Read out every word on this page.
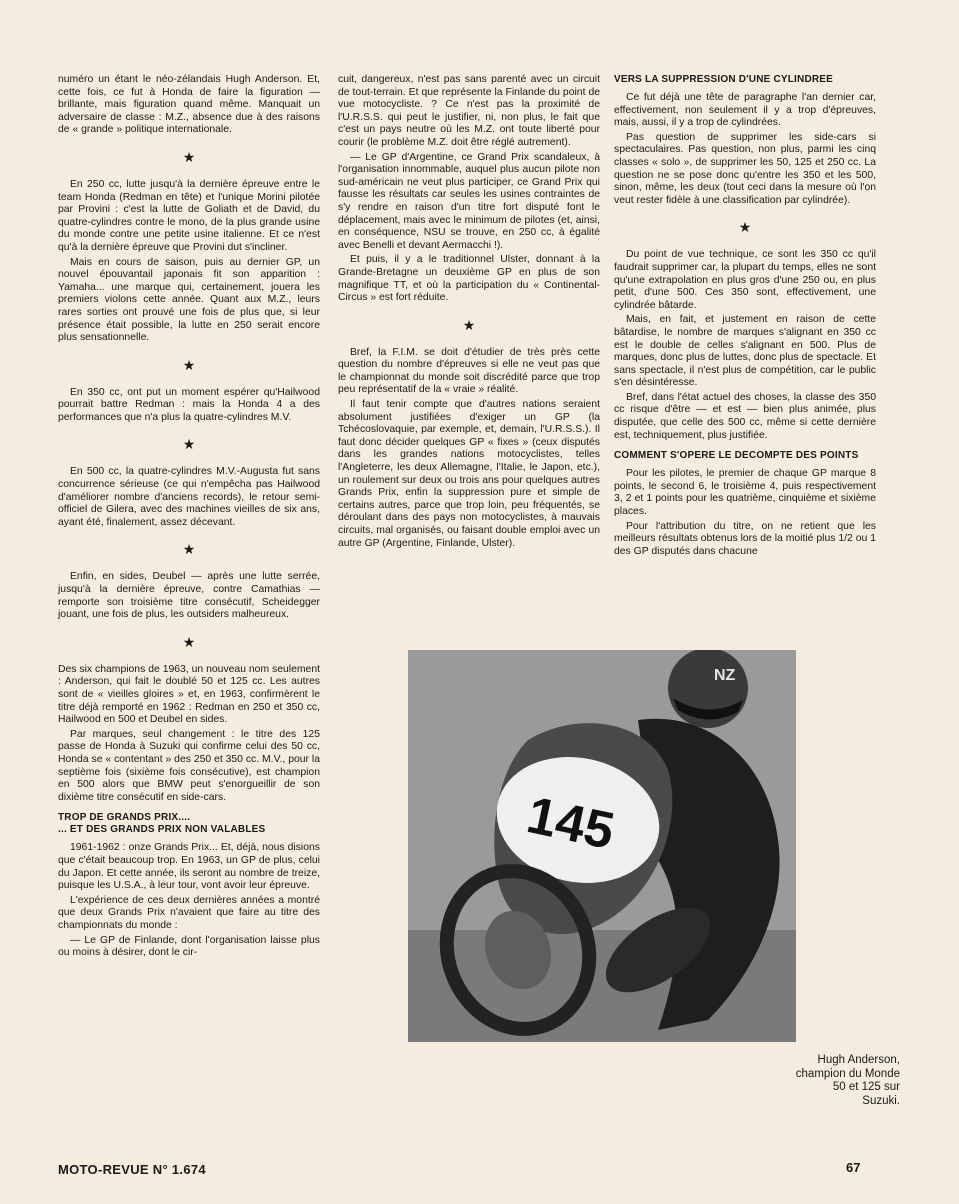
numéro un étant le néo-zélandais Hugh Anderson. Et, cette fois, ce fut à Honda de faire la figuration — brillante, mais figuration quand même. Manquait un adversaire de classe : M.Z., absence due à des raisons de « grande » politique internationale.

★

En 250 cc, lutte jusqu'à la dernière épreuve entre le team Honda (Redman en tête) et l'unique Morini pilotée par Provini : c'est la lutte de Goliath et de David, du quatre-cylindres contre le mono, de la plus grande usine du monde contre une petite usine italienne. Et ce n'est qu'à la dernière épreuve que Provini dut s'incliner.

Mais en cours de saison, puis au dernier GP, un nouvel épouvantail japonais fit son apparition : Yamaha... une marque qui, certainement, jouera les premiers violons cette année. Quant aux M.Z., leurs rares sorties ont prouvé une fois de plus que, si leur présence était possible, la lutte en 250 serait encore plus sensationnelle.

★

En 350 cc, ont put un moment espérer qu'Hailwood pourrait battre Redman : mais la Honda 4 a des performances que n'a plus la quatre-cylindres M.V.

★

En 500 cc, la quatre-cylindres M.V.-Augusta fut sans concurrence sérieuse (ce qui n'empêcha pas Hailwood d'améliorer nombre d'anciens records), le retour semi-officiel de Gilera, avec des machines vieilles de six ans, ayant été, finalement, assez décevant.

★

Enfin, en sides, Deubel — après une lutte serrée, jusqu'à la dernière épreuve, contre Camathias — remporte son troisième titre consécutif, Scheidegger jouant, une fois de plus, les outsiders malheureux.

★

Des six champions de 1963, un nouveau nom seulement : Anderson, qui fait le doublé 50 et 125 cc. Les autres sont de « vieilles gloires » et, en 1963, confirmèrent le titre déjà remporté en 1962 : Redman en 250 et 350 cc, Hailwood en 500 et Deubel en sides.

Par marques, seul changement : le titre des 125 passe de Honda à Suzuki qui confirme celui des 50 cc, Honda se « contentant » des 250 et 350 cc. M.V., pour la septième fois (sixième fois consécutive), est champion en 500 alors que BMW peut s'enorgueillir de son dixième titre consécutif en side-cars.

TROP DE GRANDS PRIX....
... ET DES GRANDS PRIX NON VALABLES

1961-1962 : onze Grands Prix... Et, déjà, nous disions que c'était beaucoup trop. En 1963, un GP de plus, celui du Japon. Et cette année, ils seront au nombre de treize, puisque les U.S.A., à leur tour, vont avoir leur épreuve.

L'expérience de ces deux dernières années a montré que deux Grands Prix n'avaient que faire au titre des championnats du monde :

— Le GP de Finlande, dont l'organisation laisse plus ou moins à désirer, dont le cir-

cuit, dangereux, n'est pas sans parenté avec un circuit de tout-terrain. Et que représente la Finlande du point de vue motocycliste. ? Ce n'est pas la proximité de l'U.R.S.S. qui peut le justifier, ni, non plus, le fait que c'est un pays neutre où les M.Z. ont toute liberté pour courir (le problème M.Z. doit être réglé autrement).

— Le GP d'Argentine, ce Grand Prix scandaleux, à l'organisation innommable, auquel plus aucun pilote non sud-américain ne veut plus participer, ce Grand Prix qui fausse les résultats car seules les usines contraintes de s'y rendre en raison d'un titre fort disputé font le déplacement, mais avec le minimum de pilotes (et, ainsi, en conséquence, NSU se trouve, en 250 cc, à égalité avec Benelli et devant Aermacchi !).

Et puis, il y a le traditionnel Ulster, donnant à la Grande-Bretagne un deuxième GP en plus de son magnifique TT, et où la participation du « Continental-Circus » est fort réduite.

★

Bref, la F.I.M. se doit d'étudier de très près cette question du nombre d'épreuves si elle ne veut pas que le championnat du monde soit discrédité parce que trop peu représentatif de la « vraie » réalité.

Il faut tenir compte que d'autres nations seraient absolument justifiées d'exiger un GP (la Tchécoslovaquie, par exemple, et, demain, l'U.R.S.S.). Il faut donc décider quelques GP « fixes » (ceux disputés dans les grandes nations motocyclistes, telles l'Angleterre, les deux Allemagne, l'Italie, le Japon, etc.), un roulement sur deux ou trois ans pour quelques autres Grands Prix, enfin la suppression pure et simple de certains autres, parce que trop loin, peu fréquentés, se déroulant dans des pays non motocyclistes, à mauvais circuits, mal organisés, ou faisant double emploi avec un autre GP (Argentine, Finlande, Ulster).

VERS LA SUPPRESSION D'UNE CYLINDREE

Ce fut déjà une tête de paragraphe l'an dernier car, effectivement, non seulement il y a trop d'épreuves, mais, aussi, il y a trop de cylindrées.

Pas question de supprimer les side-cars si spectaculaires. Pas question, non plus, parmi les cinq classes « solo », de supprimer les 50, 125 et 250 cc. La question ne se pose donc qu'entre les 350 et les 500, sinon, même, les deux (tout ceci dans la mesure où l'on veut rester fidèle à une classification par cylindrée).

★

Du point de vue technique, ce sont les 350 cc qu'il faudrait supprimer car, la plupart du temps, elles ne sont qu'une extrapolation en plus gros d'une 250 ou, en plus petit, d'une 500. Ces 350 sont, effectivement, une cylindrée bâtarde.

Mais, en fait, et justement en raison de cette bâtardise, le nombre de marques s'alignant en 350 cc est le double de celles s'alignant en 500. Plus de marques, donc plus de luttes, donc plus de spectacle. Et sans spectacle, il n'est plus de compétition, car le public s'en désintéresse.

Bref, dans l'état actuel des choses, la classe des 350 cc risque d'être — et est — bien plus animée, plus disputée, que celle des 500 cc, même si cette dernière est, techniquement, plus justifiée.

COMMENT S'OPERE LE DECOMPTE DES POINTS

Pour les pilotes, le premier de chaque GP marque 8 points, le second 6, le troisième 4, puis respectivement 3, 2 et 1 points pour les quatrième, cinquième et sixième places.

Pour l'attribution du titre, on ne retient que les meilleurs résultats obtenus lors de la moitié plus 1/2 ou 1 des GP disputés dans chacune

NZ
145
Hugh Anderson,
champion du Monde
50 et 125 sur
Suzuki.
MOTO-REVUE N° 1.674	67
